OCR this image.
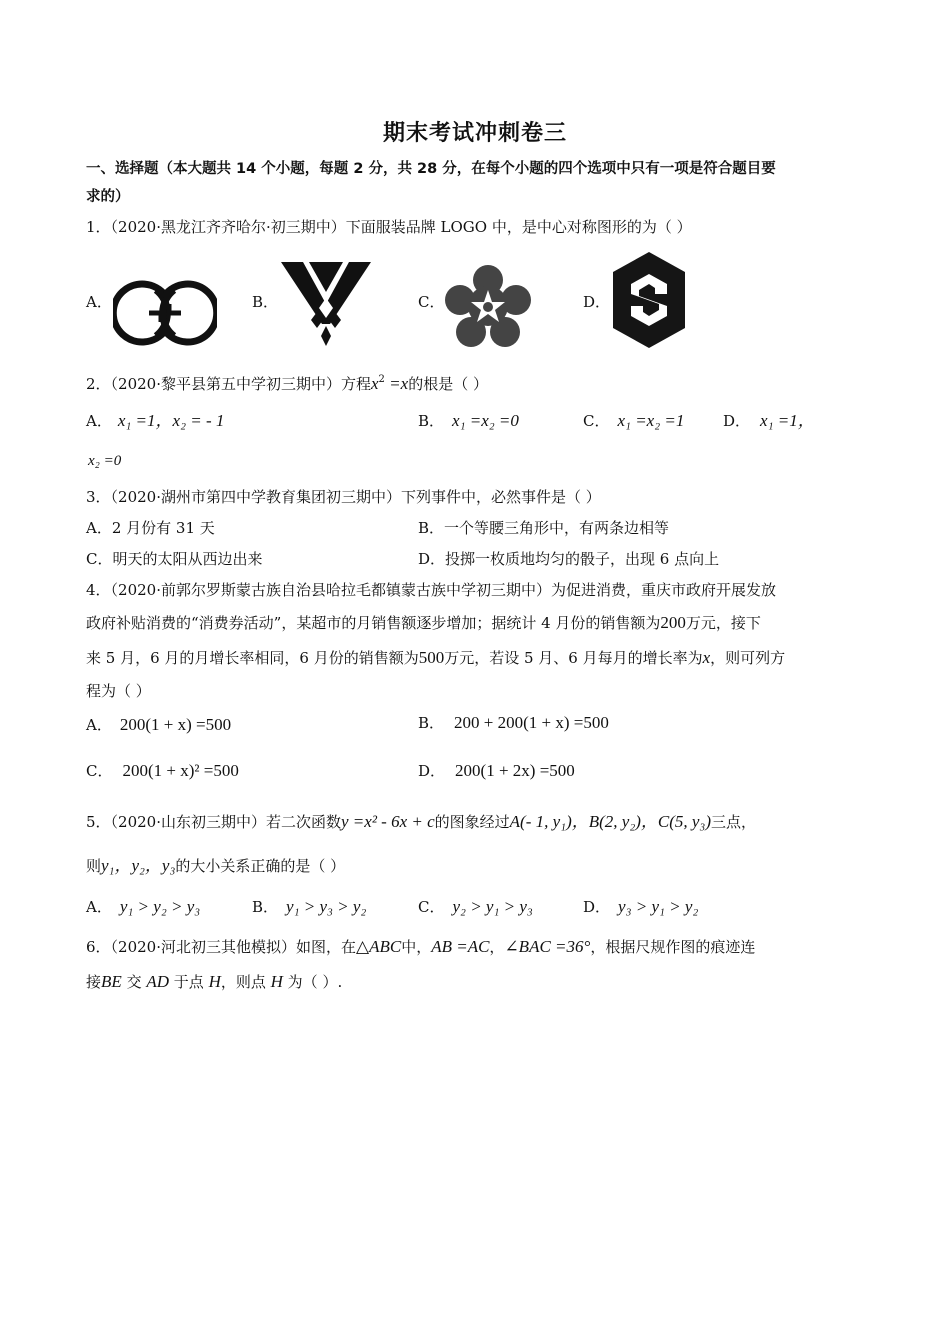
期末考试冲刺卷三
一、选择题（本大题共 14 个小题，每题 2 分，共 28 分，在每个小题的四个选项中只有一项是符合题目要
求的）
1．（2020·黑龙江齐齐哈尔·初三期中）下面服装品牌 LOGO 中，是中心对称图形的为（ ）
A．	B．	C．	D．
2．（2020·黎平县第五中学初三期中）方程$x^2 =x$的根是（ ）
A． x₁ =1，x₂ = - 1	B． x₁ =x₂ =0	C． x₁ =x₂ =1	D． x₁ =1，
x₂ =0
3．（2020·湖州市第四中学教育集团初三期中）下列事件中，必然事件是（ ）
A．2 月份有 31 天	B．一个等腰三角形中，有两条边相等
C．明天的太阳从西边出来	D．投掷一枚质地均匀的骰子，出现 6 点向上
4．（2020·前郭尔罗斯蒙古族自治县哈拉毛都镇蒙古族中学初三期中）为促进消费，重庆市政府开展发放
政府补贴消费的“消费券活动”，某超市的月销售额逐步增加；据统计 4 月份的销售额为200万元，接下
来 5 月，6 月的月增长率相同，6 月份的销售额为500万元，若设 5 月、6 月每月的增长率为x，则可列方
程为（ ）
A． 200(1 + x) =500	B． 200 + 200(1 + x) =500
C． 200(1 + x)² =500	D． 200(1 + 2x) =500
5．（2020·山东初三期中）若二次函数y =x² - 6x + c的图象经过A(- 1, y₁)，B(2, y₂)，C(5, y₃)三点，
则y₁，y₂，y₃的大小关系正确的是（ ）
A． y₁ > y₂ > y₃	B． y₁ > y₃ > y₂	C． y₂ > y₁ > y₃	D． y₃ > y₁ > y₂
6．（2020·河北初三其他模拟）如图，在△ABC中，AB =AC，∠BAC =36°，根据尺规作图的痕迹连
接BE 交 AD 于点 H，则点 H 为（ ）.
